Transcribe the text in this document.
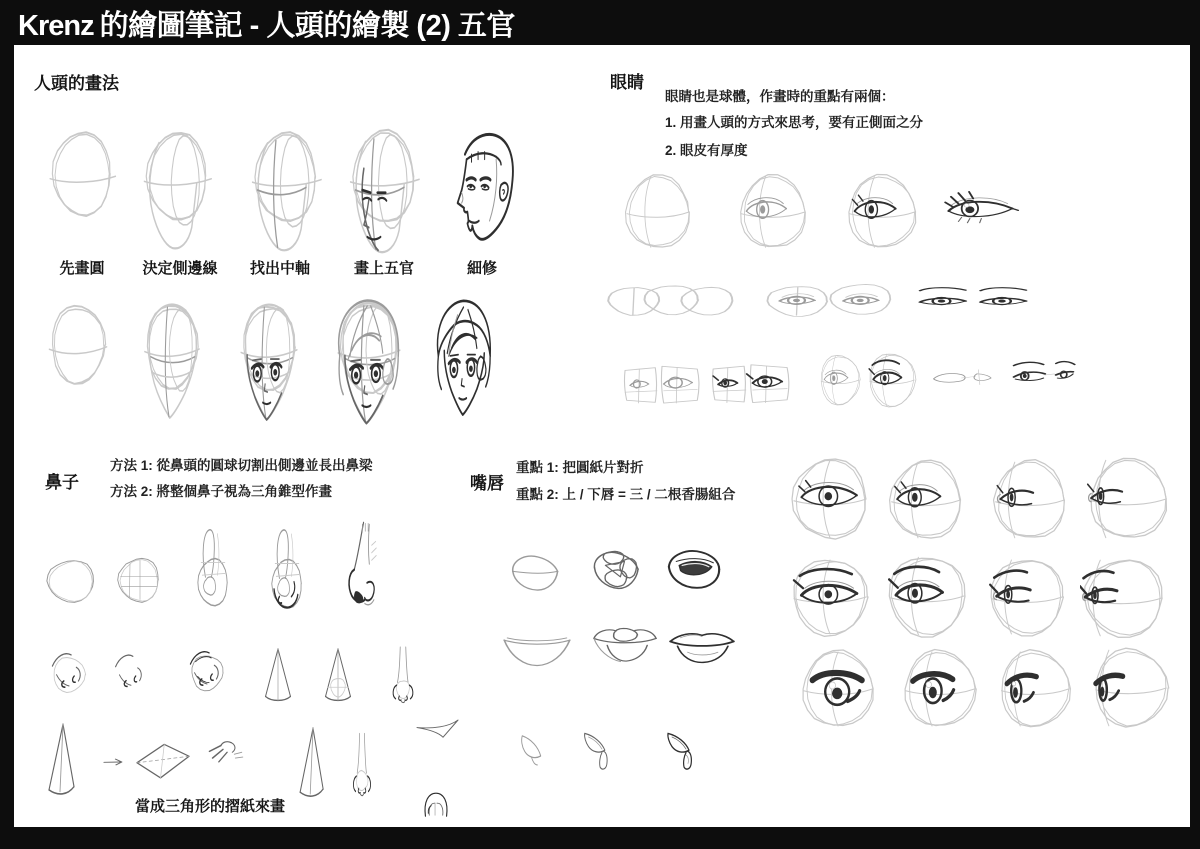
Krenz 的繪圖筆記 - 人頭的繪製 (2) 五官
人頭的畫法
先畫圓	決定側邊線 找出中軸	畫上五官	細修
眼睛
眼睛也是球體，作畫時的重點有兩個：
1. 用畫人頭的方式來思考，要有正側面之分
2. 眼皮有厚度
鼻子
方法 1: 從鼻頭的圓球切割出側邊並長出鼻梁
方法 2: 將整個鼻子視為三角錐型作畫
當成三角形的摺紙來畫
嘴唇
重點 1: 把圓紙片對折
重點 2: 上 / 下唇 = 三 / 二根香腸組合
